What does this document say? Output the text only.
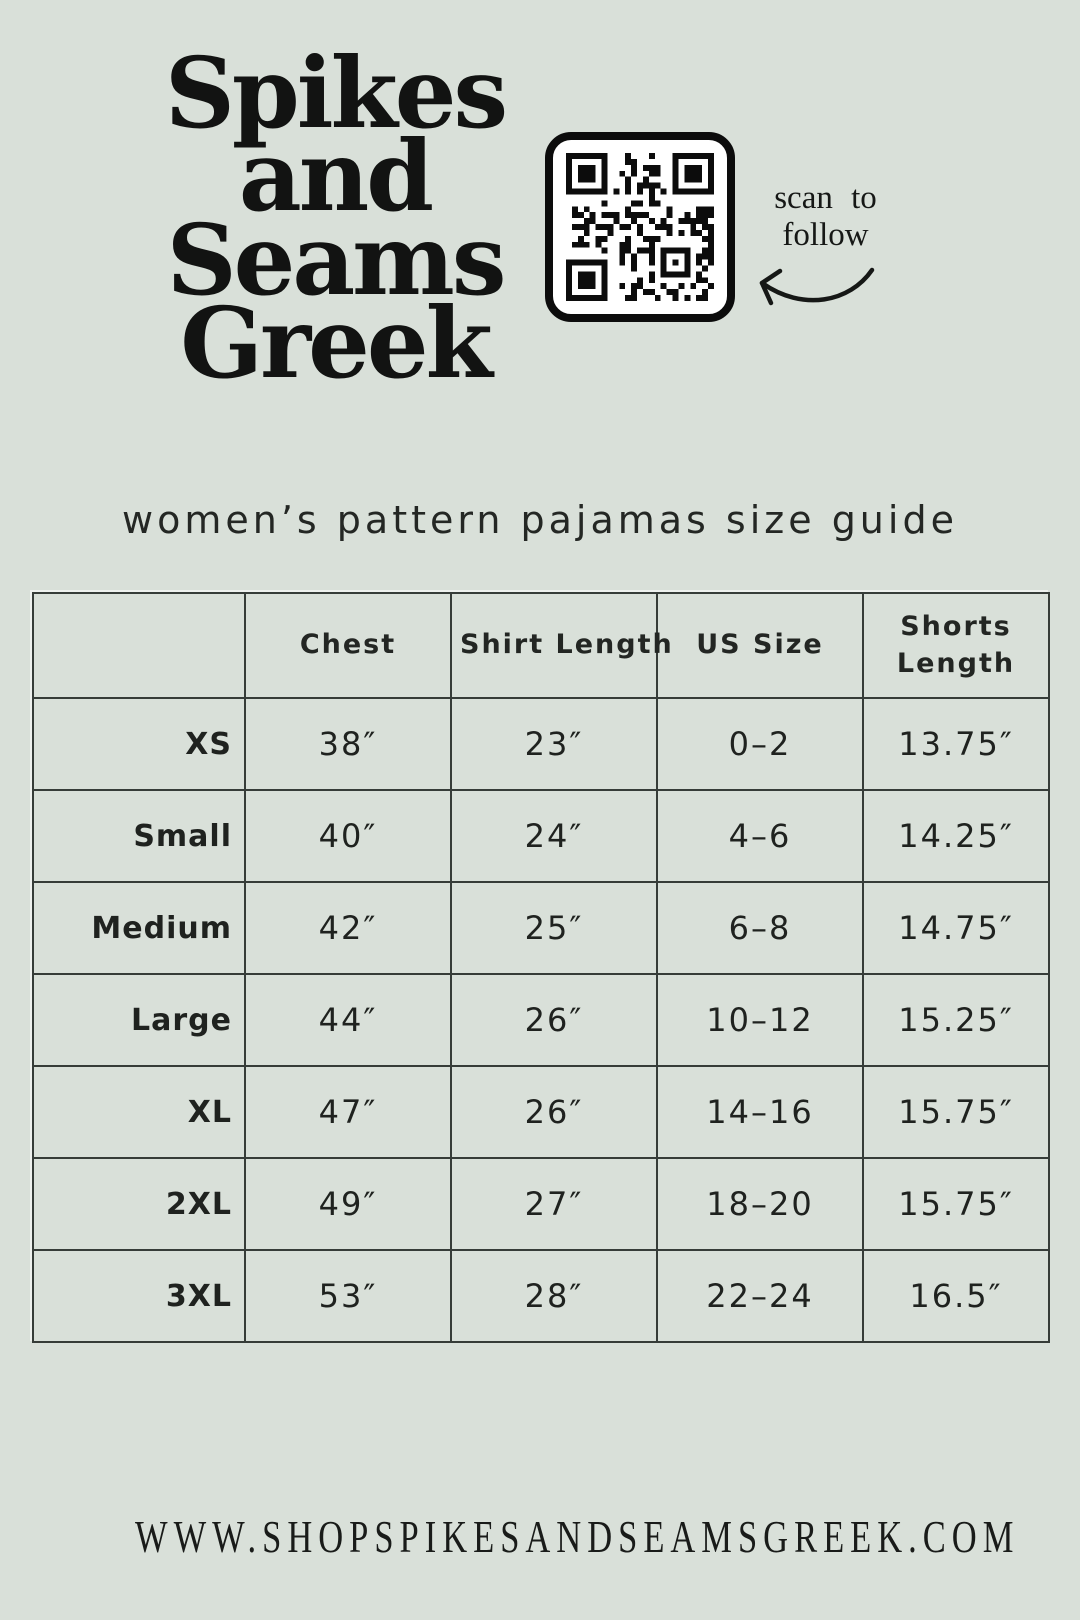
Spikes
and
Seams
Greek
scan to
follow
women’s pattern pajamas size guide
	Chest	Shirt Length	US Size	Shorts Length
XS	38″	23″	0–2	13.75″
Small	40″	24″	4–6	14.25″
Medium	42″	25″	6–8	14.75″
Large	44″	26″	10–12	15.25″
XL	47″	26″	14–16	15.75″
2XL	49″	27″	18–20	15.75″
3XL	53″	28″	22–24	16.5″
WWW.SHOPSPIKESANDSEAMSGREEK.COM
